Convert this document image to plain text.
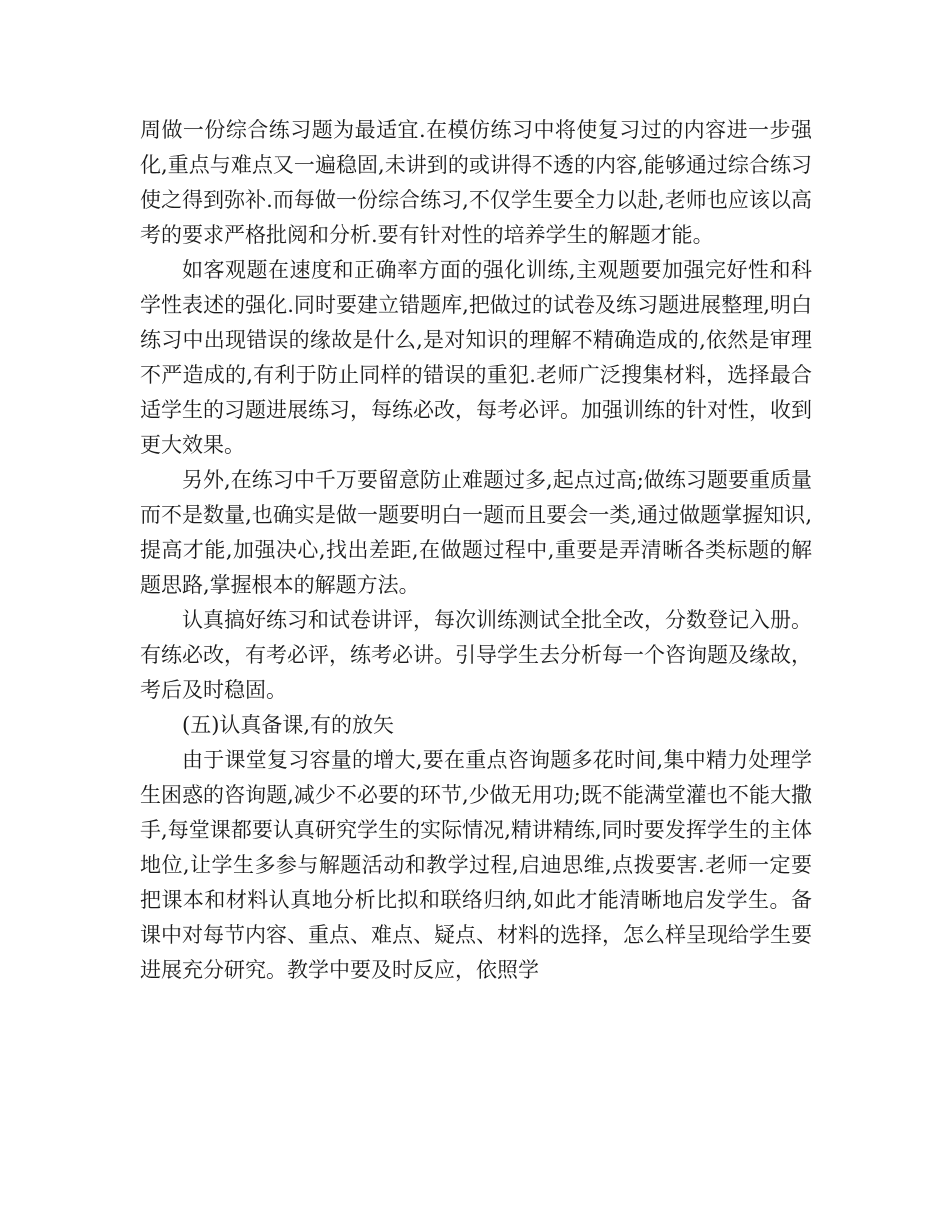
周做一份综合练习题为最适宜.在模仿练习中将使复习过的内容进一步强化,重点与难点又一遍稳固,未讲到的或讲得不透的内容,能够通过综合练习使之得到弥补.而每做一份综合练习,不仅学生要全力以赴,老师也应该以高考的要求严格批阅和分析.要有针对性的培养学生的解题才能。

如客观题在速度和正确率方面的强化训练,主观题要加强完好性和科学性表述的强化.同时要建立错题库,把做过的试卷及练习题进展整理,明白练习中出现错误的缘故是什么,是对知识的理解不精确造成的,依然是审理不严造成的,有利于防止同样的错误的重犯.老师广泛搜集材料，选择最合适学生的习题进展练习，每练必改，每考必评。加强训练的针对性，收到更大效果。

另外,在练习中千万要留意防止难题过多,起点过高;做练习题要重质量而不是数量,也确实是做一题要明白一题而且要会一类,通过做题掌握知识,提高才能,加强决心,找出差距,在做题过程中,重要是弄清晰各类标题的解题思路,掌握根本的解题方法。

认真搞好练习和试卷讲评，每次训练测试全批全改，分数登记入册。有练必改，有考必评，练考必讲。引导学生去分析每一个咨询题及缘故，考后及时稳固。

(五)认真备课,有的放矢

由于课堂复习容量的增大,要在重点咨询题多花时间,集中精力处理学生困惑的咨询题,减少不必要的环节,少做无用功;既不能满堂灌也不能大撒手,每堂课都要认真研究学生的实际情况,精讲精练,同时要发挥学生的主体地位,让学生多参与解题活动和教学过程,启迪思维,点拨要害.老师一定要把课本和材料认真地分析比拟和联络归纳,如此才能清晰地启发学生。备课中对每节内容、重点、难点、疑点、材料的选择，怎么样呈现给学生要进展充分研究。教学中要及时反应，依照学
